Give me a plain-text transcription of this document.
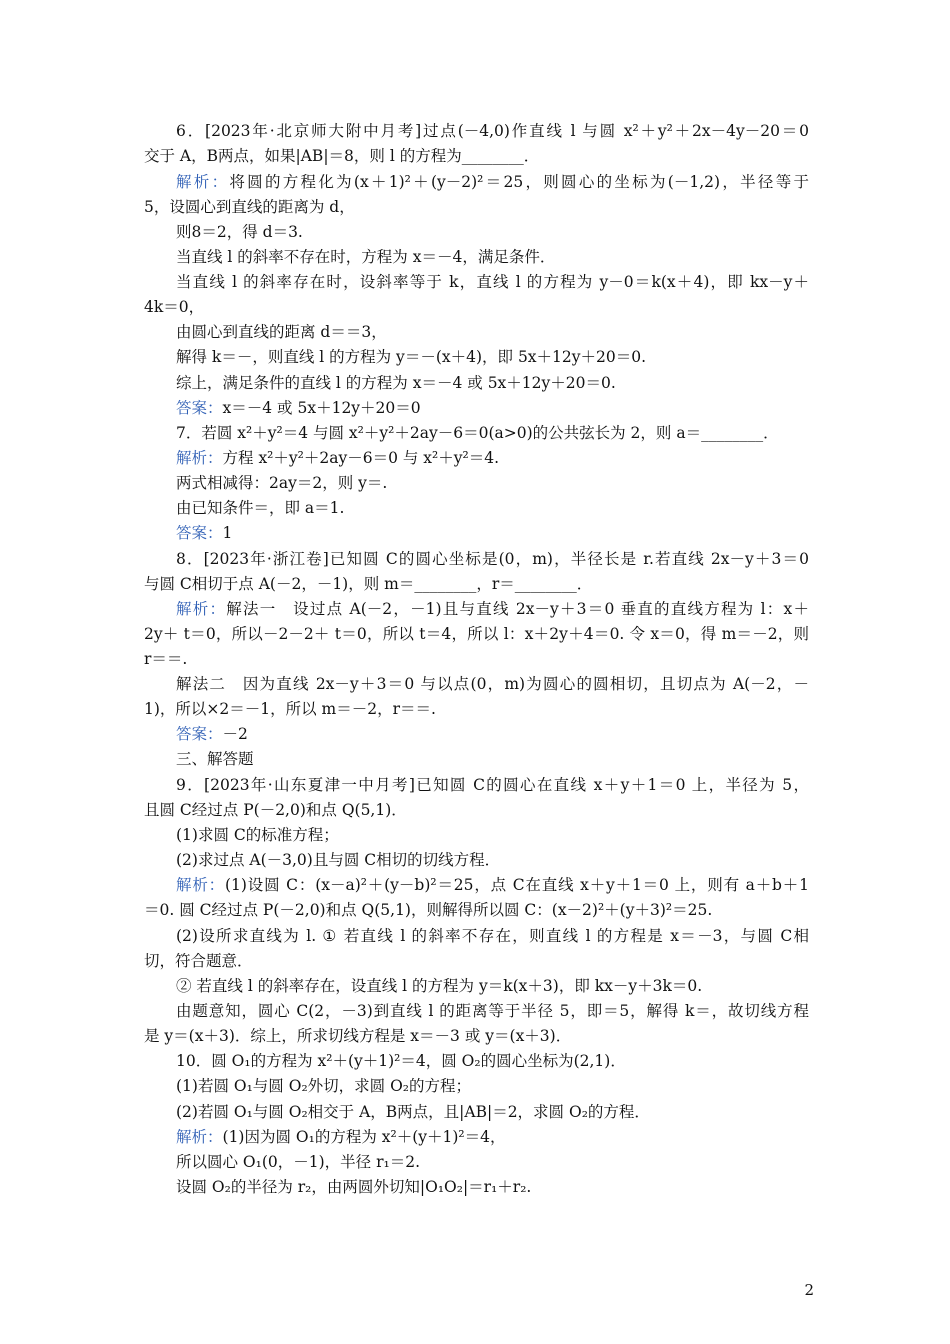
6．[2023年·北京师大附中月考]过点(－4,0)作直线 l 与圆 x²＋y²＋2x－4y－20＝0
交于 A，B两点，如果|AB|＝8，则 l 的方程为________．
解析：将圆的方程化为(x＋1)²＋(y－2)²＝25，则圆心的坐标为(－1,2)，半径等于
5，设圆心到直线的距离为 d，
则8＝2，得 d＝3.
当直线 l 的斜率不存在时，方程为 x＝－4，满足条件．
当直线 l 的斜率存在时，设斜率等于 k，直线 l 的方程为 y－0＝k(x＋4)，即 kx－y＋
4k＝0，
由圆心到直线的距离 d＝＝3，
解得 k＝－，则直线 l 的方程为 y＝－(x＋4)，即 5x＋12y＋20＝0.
综上，满足条件的直线 l 的方程为 x＝－4 或 5x＋12y＋20＝0.
答案：x＝－4 或 5x＋12y＋20＝0
7．若圆 x²＋y²＝4 与圆 x²＋y²＋2ay－6＝0(a>0)的公共弦长为 2，则 a＝________．
解析：方程 x²＋y²＋2ay－6＝0 与 x²＋y²＝4.
两式相减得：2ay＝2，则 y＝.
由已知条件＝，即 a＝1.
答案：1
8．[2023年·浙江卷]已知圆 C的圆心坐标是(0，m)，半径长是 r.若直线 2x－y＋3＝0
与圆 C相切于点 A(－2，－1)，则 m＝________，r＝________．
解析：解法一　设过点 A(－2，－1)且与直线 2x－y＋3＝0 垂直的直线方程为 l：x＋
2y＋ t＝0，所以－2－2＋ t＝0，所以 t＝4，所以 l：x＋2y＋4＝0. 令 x＝0，得 m＝－2，则
r＝＝.
解法二　因为直线 2x－y＋3＝0 与以点(0，m)为圆心的圆相切，且切点为 A(－2，－
1)，所以×2＝－1，所以 m＝－2，r＝＝.
答案：－2
三、解答题
9．[2023年·山东夏津一中月考]已知圆 C的圆心在直线 x＋y＋1＝0 上，半径为 5，
且圆 C经过点 P(－2,0)和点 Q(5,1)．
(1)求圆 C的标准方程；
(2)求过点 A(－3,0)且与圆 C相切的切线方程．
解析：(1)设圆 C：(x－a)²＋(y－b)²＝25，点 C在直线 x＋y＋1＝0 上，则有 a＋b＋1
＝0. 圆 C经过点 P(－2,0)和点 Q(5,1)，则解得所以圆 C：(x－2)²＋(y＋3)²＝25.
(2)设所求直线为 l. ① 若直线 l 的斜率不存在，则直线 l 的方程是 x＝－3，与圆 C相
切，符合题意．
② 若直线 l 的斜率存在，设直线 l 的方程为 y＝k(x＋3)，即 kx－y＋3k＝0.
由题意知，圆心 C(2，－3)到直线 l 的距离等于半径 5，即＝5，解得 k＝，故切线方程
是 y＝(x＋3)．综上，所求切线方程是 x＝－3 或 y＝(x＋3)．
10．圆 O₁的方程为 x²＋(y＋1)²＝4，圆 O₂的圆心坐标为(2,1)．
(1)若圆 O₁与圆 O₂外切，求圆 O₂的方程；
(2)若圆 O₁与圆 O₂相交于 A，B两点，且|AB|＝2，求圆 O₂的方程．
解析：(1)因为圆 O₁的方程为 x²＋(y＋1)²＝4，
所以圆心 O₁(0，－1)，半径 r₁＝2.
设圆 O₂的半径为 r₂，由两圆外切知|O₁O₂|＝r₁＋r₂.
2
